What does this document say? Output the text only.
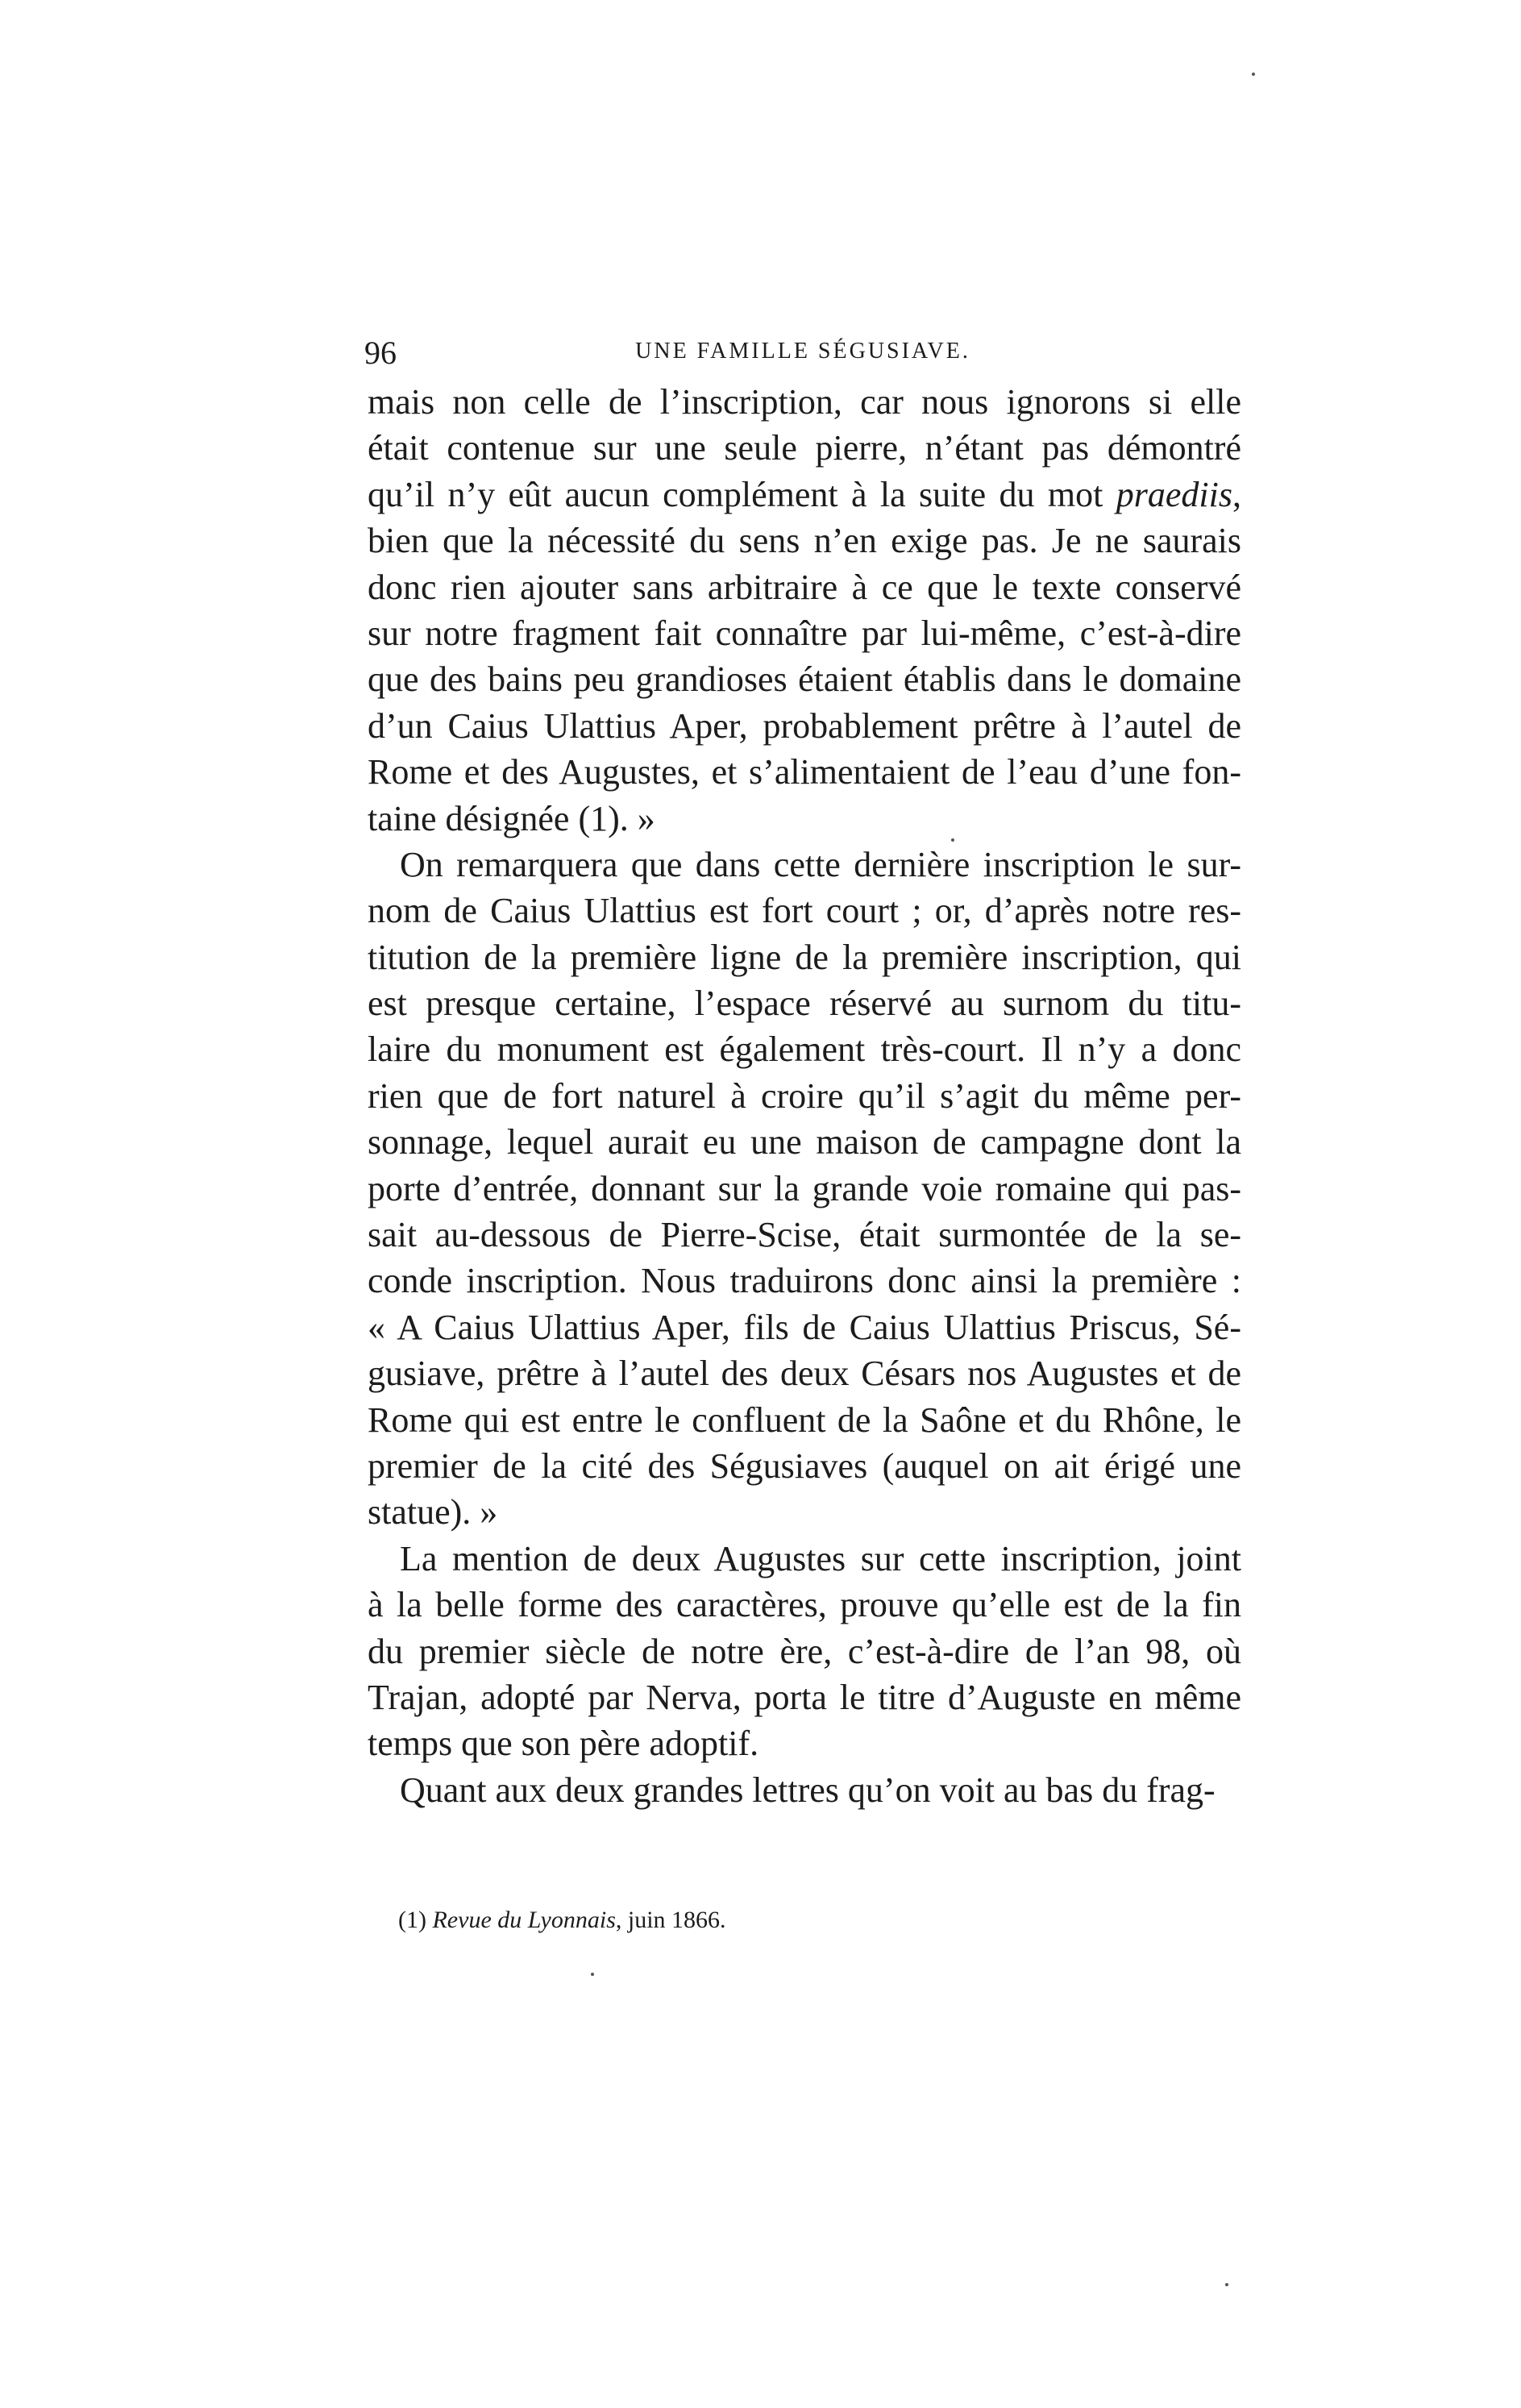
96	UNE FAMILLE SÉGUSIAVE.
mais non celle de l’inscription, car nous ignorons si elle
était contenue sur une seule pierre, n’étant pas démontré
qu’il n’y eût aucun complément à la suite du mot praediis,
bien que la nécessité du sens n’en exige pas. Je ne saurais
donc rien ajouter sans arbitraire à ce que le texte conservé
sur notre fragment fait connaître par lui-même, c’est-à-dire
que des bains peu grandioses étaient établis dans le domaine
d’un Caius Ulattius Aper, probablement prêtre à l’autel de
Rome et des Augustes, et s’alimentaient de l’eau d’une fon-
taine désignée (1). »
On remarquera que dans cette dernière inscription le sur-
nom de Caius Ulattius est fort court ; or, d’après notre res-
titution de la première ligne de la première inscription, qui
est presque certaine, l’espace réservé au surnom du titu-
laire du monument est également très-court. Il n’y a donc
rien que de fort naturel à croire qu’il s’agit du même per-
sonnage, lequel aurait eu une maison de campagne dont la
porte d’entrée, donnant sur la grande voie romaine qui pas-
sait au-dessous de Pierre-Scise, était surmontée de la se-
conde inscription. Nous traduirons donc ainsi la première :
« A Caius Ulattius Aper, fils de Caius Ulattius Priscus, Sé-
gusiave, prêtre à l’autel des deux Césars nos Augustes et de
Rome qui est entre le confluent de la Saône et du Rhône, le
premier de la cité des Ségusiaves (auquel on ait érigé une
statue). »
La mention de deux Augustes sur cette inscription, joint
à la belle forme des caractères, prouve qu’elle est de la fin
du premier siècle de notre ère, c’est-à-dire de l’an 98, où
Trajan, adopté par Nerva, porta le titre d’Auguste en même
temps que son père adoptif.
Quant aux deux grandes lettres qu’on voit au bas du frag-
(1) Revue du Lyonnais, juin 1866.
